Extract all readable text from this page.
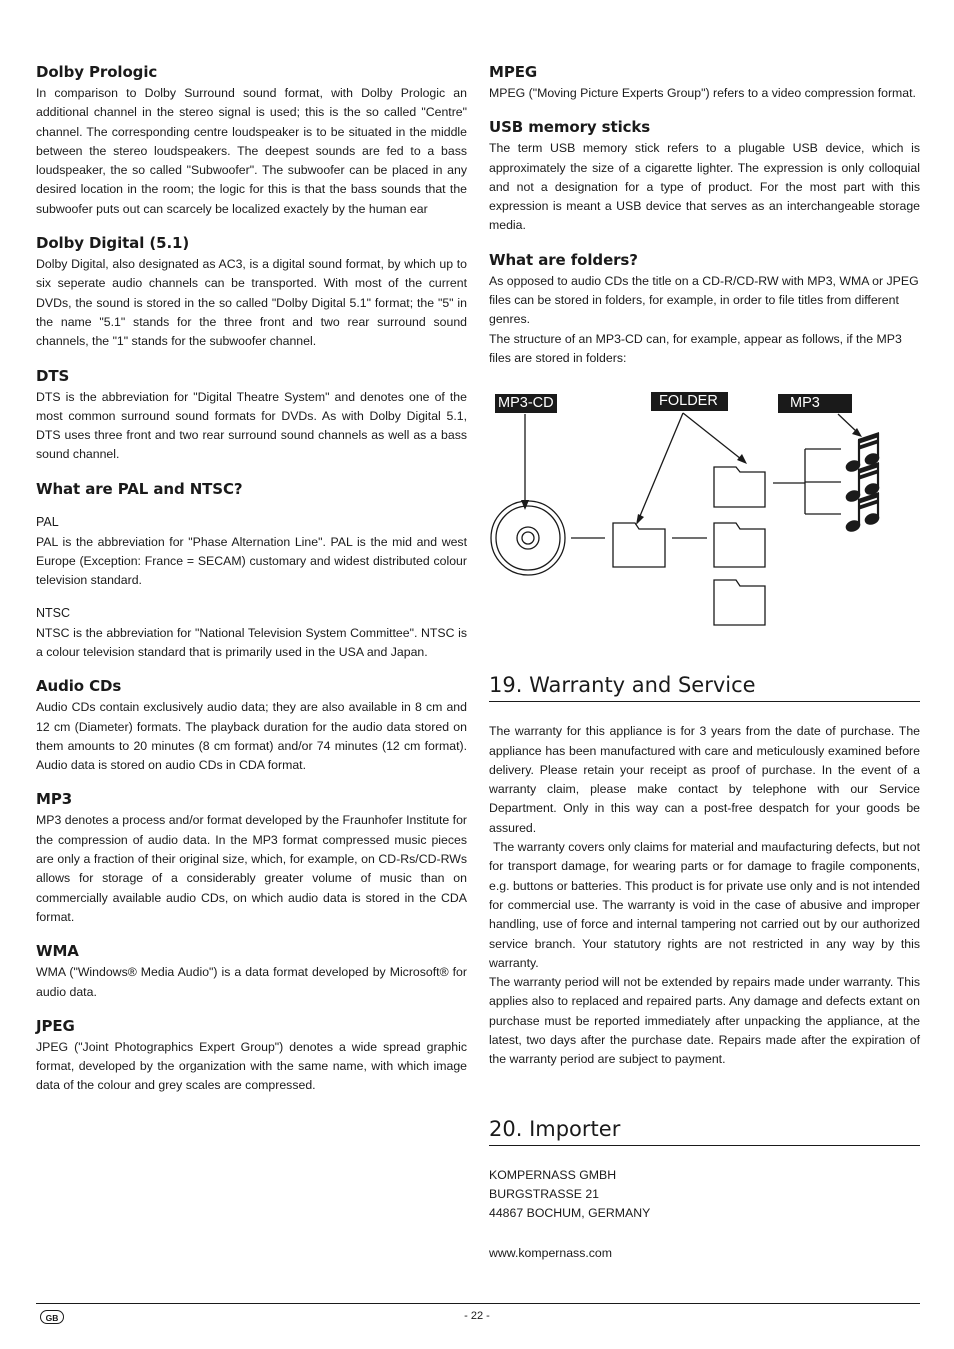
Dolby Prologic

In comparison to Dolby Surround sound format, with Dolby Prologic an additional channel in the stereo signal is used; this is the so called "Centre" channel. The corresponding centre loudspeaker is to be situated in the middle between the stereo loudspeakers. The deepest sounds are fed to a bass loudspeaker, the so called "Subwoofer". The subwoofer can be placed in any desired location in the room; the logic for this is that the bass sounds that the subwoofer puts out can scarcely be localized exactely by the human ear

Dolby Digital (5.1)

Dolby Digital, also designated as AC3, is a digital sound format, by which up to six seperate audio channels can be transported. With most of the current DVDs, the sound is stored in the so called "Dolby Digital 5.1" format; the "5" in the name "5.1" stands for the three front and two rear surround sound channels, the "1" stands for the subwoofer channel.

DTS

DTS is the abbreviation for "Digital Theatre System" and denotes one of the most common surround sound formats for DVDs. As with Dolby Digital 5.1, DTS uses three front and two rear surround sound channels as well as a bass sound channel.

What are PAL and NTSC?
PAL

PAL is the abbreviation for "Phase Alternation Line". PAL is the mid and west Europe (Exception: France = SECAM) customary and widest distributed colour television standard.

NTSC

NTSC is the abbreviation for "National Television System Committee". NTSC is a colour television standard that is primarily used in the USA and Japan.

Audio CDs

Audio CDs contain exclusively audio data; they are also available in 8 cm and 12 cm (Diameter) formats. The playback duration for the audio data stored on them amounts to 20 minutes (8 cm format) and/or 74 minutes (12 cm format). Audio data is stored on audio CDs in CDA format.

MP3

MP3 denotes a process and/or format developed by the Fraunhofer Institute for the compression of audio data. In the MP3 format compressed music pieces are only a fraction of their original size, which, for example, on CD-Rs/CD-RWs allows for storage of a considerably greater volume of music than on commercially available audio CDs, on which audio data is stored in the CDA format.

WMA

WMA ("Windows® Media Audio") is a data format developed by Microsoft® for audio data.

JPEG

JPEG ("Joint Photographics Expert Group") denotes a wide spread graphic format, developed by the organization with the same name, with which image data of the colour and grey scales are compressed.

MPEG

MPEG ("Moving Picture Experts Group") refers to a video compression format.

USB memory sticks

The term USB memory stick refers to a plugable USB device, which is approximately the size of a cigarette lighter. The expression is only colloquial and not a designation for a type of product. For the most part with this expression is meant a USB device that serves as an interchangeable storage media.

What are folders?

As opposed to audio CDs the title on a CD-R/CD-RW with MP3, WMA or JPEG files can be stored in folders, for example, in order to file titles from different genres.

The structure of an MP3-CD can, for example, appear as follows, if the MP3 files are stored in folders:

MP3-CD	FOLDER	MP3
19. Warranty and Service

The warranty for this appliance is for 3 years from the date of purchase. The appliance has been manufactured with care and meticulously examined before delivery. Please retain your receipt as proof of purchase. In the event of a warranty claim, please make contact by telephone with our Service Department. Only in this way can a post-free despatch for your goods be assured.

The warranty covers only claims for material and maufacturing defects, but not for transport damage, for wearing parts or for damage to fragile components, e.g. buttons or batteries. This product is for private use only and is not intended for commercial use. The warranty is void in the case of abusive and improper handling, use of force and internal tampering not carried out by our authorized service branch. Your statutory rights are not restricted in any way by this warranty.

The warranty period will not be extended by repairs made under warranty. This applies also to replaced and repaired parts. Any damage and defects extant on purchase must be reported immediately after unpacking the appliance, at the latest, two days after the purchase date. Repairs made after the expiration of the warranty period are subject to payment.

20. Importer

KOMPERNASS GMBH

BURGSTRASSE 21

44867 BOCHUM, GERMANY

www.kompernass.com

GB	- 22 -
